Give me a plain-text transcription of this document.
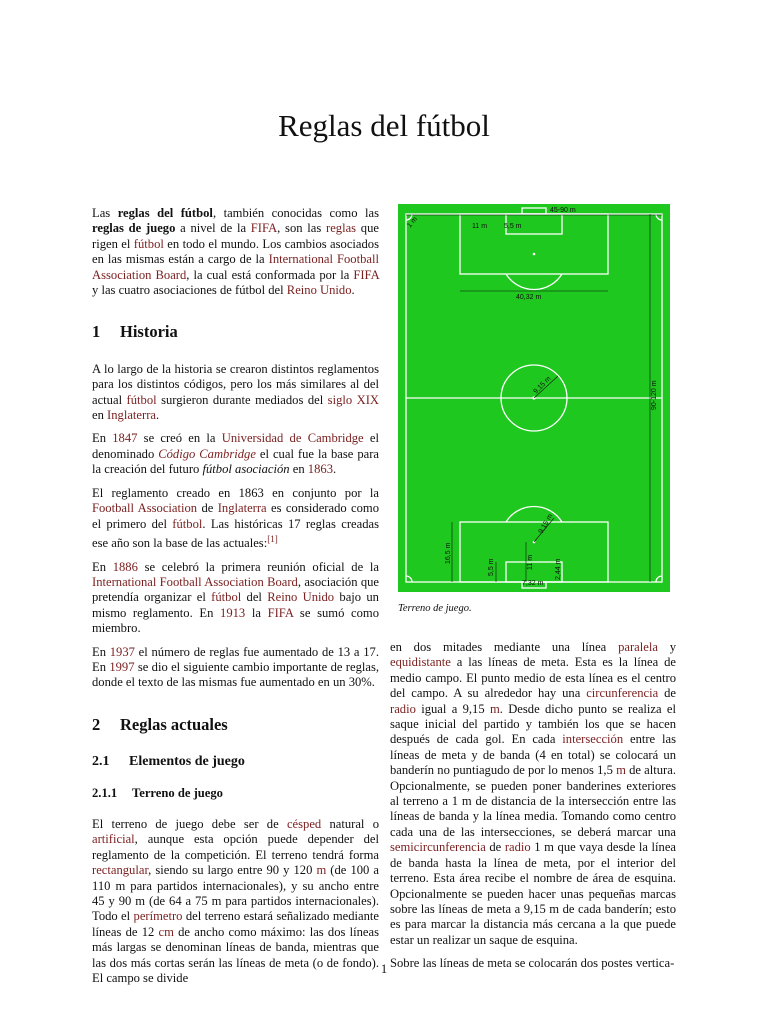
Reglas del fútbol

Las reglas del fútbol, también conocidas como las reglas de juego a nivel de la FIFA, son las reglas que rigen el fútbol en todo el mundo. Los cambios asociados en las mismas están a cargo de la International Football Association Board, la cual está conformada por la FIFA y las cuatro asociaciones de fútbol del Reino Unido.

1	Historia

A lo largo de la historia se crearon distintos reglamentos para los distintos códigos, pero los más similares al del actual fútbol surgieron durante mediados del siglo XIX en Inglaterra.

En 1847 se creó en la Universidad de Cambridge el denominado Código Cambridge el cual fue la base para la creación del futuro fútbol asociación en 1863.

El reglamento creado en 1863 en conjunto por la Football Association de Inglaterra es considerado como el primero del fútbol. Las históricas 17 reglas creadas ese año son la base de las actuales:[1]

En 1886 se celebró la primera reunión oficial de la International Football Association Board, asociación que pretendía organizar el fútbol del Reino Unido bajo un mismo reglamento. En 1913 la FIFA se sumó como miembro.

En 1937 el número de reglas fue aumentado de 13 a 17. En 1997 se dio el siguiente cambio importante de reglas, donde el texto de las mismas fue aumentado en un 30%.

2	Reglas actuales
2.1	Elementos de juego
2.1.1	Terreno de juego

El terreno de juego debe ser de césped natural o artificial, aunque esta opción puede depender del reglamento de la competición. El terreno tendrá forma rectangular, siendo su largo entre 90 y 120 m (de 100 a 110 m para partidos internacionales), y su ancho entre 45 y 90 m (de 64 a 75 m para partidos internacionales). Todo el perímetro del terreno estará señalizado mediante líneas de 12 cm de ancho como máximo: las dos líneas más largas se denominan líneas de banda, mientras que las dos más cortas serán las líneas de meta (o de fondo). El campo se divide

45-90 m
1 m	11 m 5,5 m
40,32 m
9,15 m	90-120 m
16,5 m
5,5 m	11 m
9,15 m
7,32 m
2,44 m
Terreno de juego.

en dos mitades mediante una línea paralela y equidistante a las líneas de meta. Esta es la línea de medio campo. El punto medio de esta línea es el centro del campo. A su alrededor hay una circunferencia de radio igual a 9,15 m. Desde dicho punto se realiza el saque inicial del partido y también los que se hacen después de cada gol. En cada intersección entre las líneas de meta y de banda (4 en total) se colocará un banderín no puntiagudo de por lo menos 1,5 m de altura. Opcionalmente, se pueden poner banderines exteriores al terreno a 1 m de distancia de la intersección entre las líneas de banda y la línea media. Tomando como centro cada una de las intersecciones, se deberá marcar una semicircunferencia de radio 1 m que vaya desde la línea de banda hasta la línea de meta, por el interior del terreno. Esta área recibe el nombre de área de esquina. Opcionalmente se pueden hacer unas pequeñas marcas sobre las líneas de meta a 9,15 m de cada banderín; esto es para marcar la distancia más cercana a la que puede estar un realizar un saque de esquina.

Sobre las líneas de meta se colocarán dos postes vertica-

1
